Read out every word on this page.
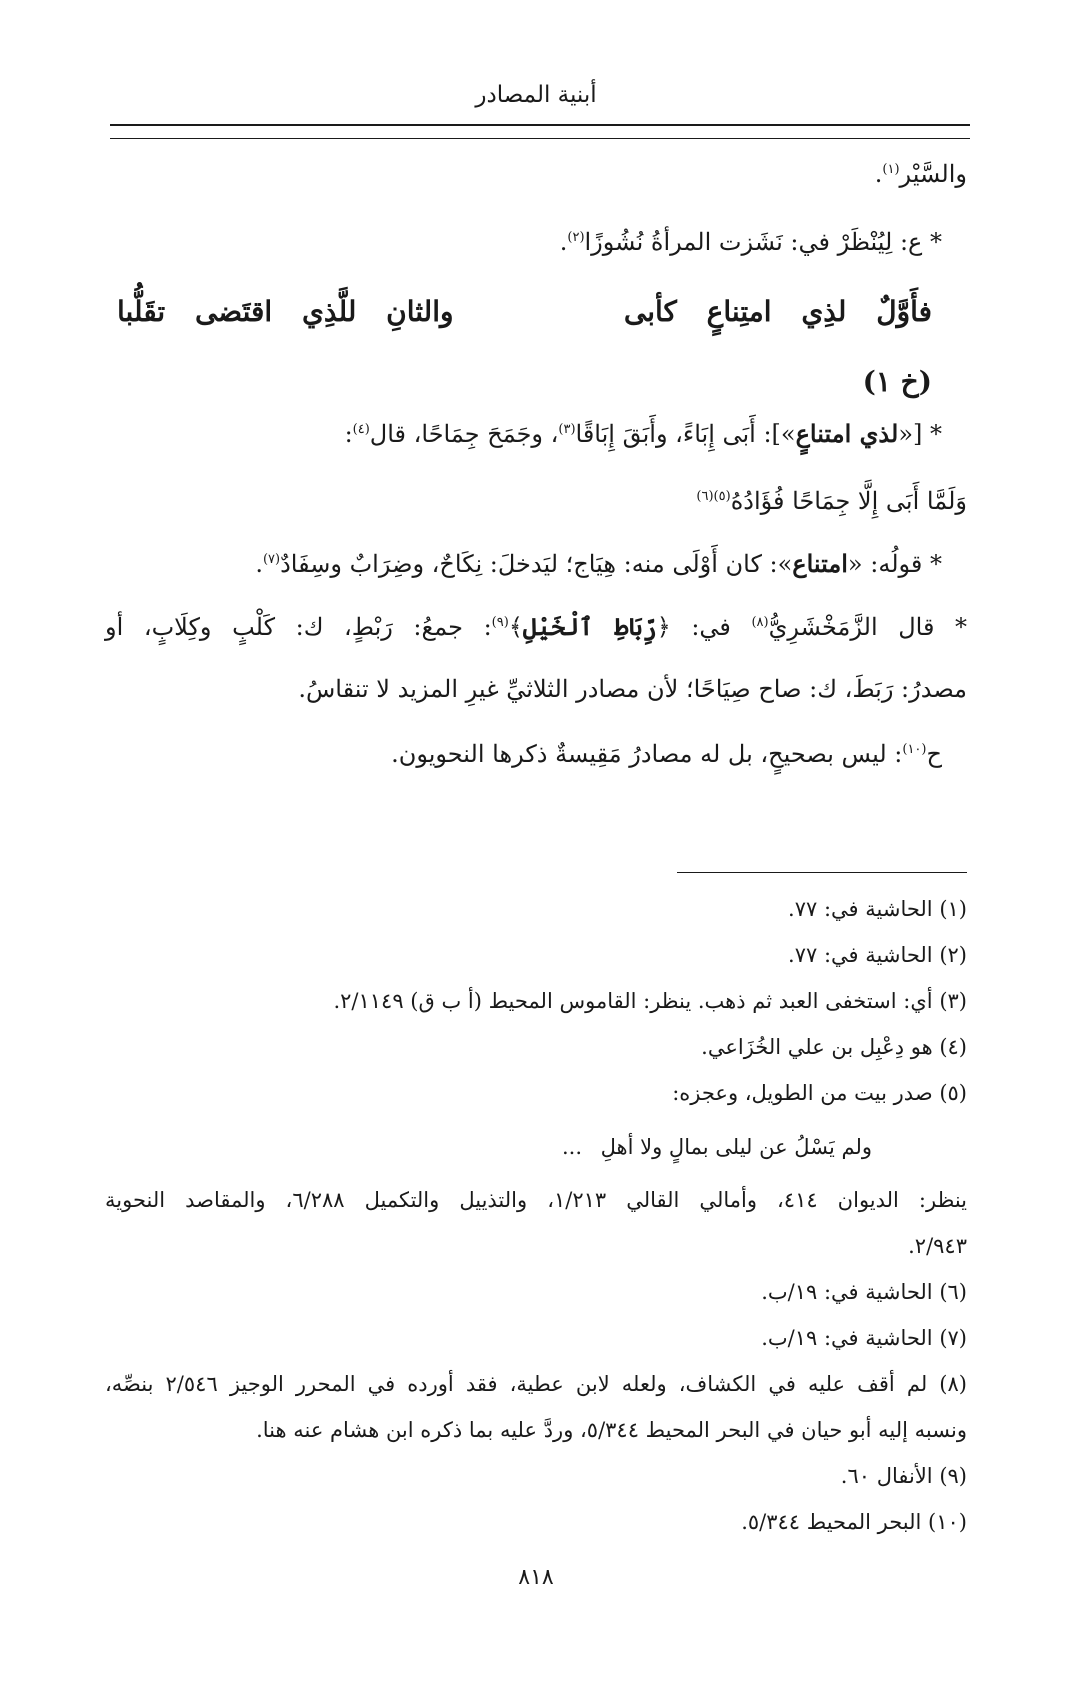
أبنية المصادر
والسَّيْر$^{(١)}$.
* ع: لِيُنْظَرْ في: نَشَزت المرأةُ نُشُوزًا$^{(٢)}$.
فأَوَّلٌ لذِي امتِناعٍ كأبى
والثانِ للَّذِي اقتَضى تقَلُّبا
(خ ١)
* [«لذي امتناعٍ»]: أَبَى إِبَاءً، وأَبَقَ إِبَاقًا$^{(٣)}$، وجَمَحَ جِمَاحًا، قال$^{(٤)}$:
وَلَمَّا أَبَى إِلَّا جِمَاحًا فُؤَادُهُ$^{(٥)(٦)}$
* قولُه: «امتناع»: كان أَوْلَى منه: هِيَاج؛ ليَدخلَ: نِكَاحٌ، وضِرَابٌ وسِفَادٌ$^{(٧)}$.
* قال الزَّمَخْشَرِيُّ$^{(٨)}$ في: ﴿رِّبَاطِ ٱلْخَيْلِ﴾$^{(٩)}$: جمعُ: رَبْطٍ، ك: كَلْبٍ وكِلَابٍ، أو
مصدرُ: رَبَطَ، ك: صاح صِيَاحًا؛ لأن مصادر الثلاثيِّ غيرِ المزيد لا تنقاسُ.
ح$^{(١٠)}$: ليس بصحيحٍ، بل له مصادرُ مَقِيسةٌ ذكرها النحويون.
(١) الحاشية في: ٧٧.
(٢) الحاشية في: ٧٧.
(٣) أي: استخفى العبد ثم ذهب. ينظر: القاموس المحيط (أ ب ق) ٢/١١٤٩.
(٤) هو دِعْبِل بن علي الخُزَاعي.
(٥) صدر بيت من الطويل، وعجزه:
... ولم يَسْلُ عن ليلى بمالٍ ولا أهلِ
ينظر: الديوان ٤١٤، وأمالي القالي ١/٢١٣، والتذييل والتكميل ٦/٢٨٨، والمقاصد النحوية
٢/٩٤٣.
(٦) الحاشية في: ١٩/ب.
(٧) الحاشية في: ١٩/ب.
(٨) لم أقف عليه في الكشاف، ولعله لابن عطية، فقد أورده في المحرر الوجيز ٢/٥٤٦ بنصِّه،
ونسبه إليه أبو حيان في البحر المحيط ٥/٣٤٤، وردَّ عليه بما ذكره ابن هشام عنه هنا.
(٩) الأنفال ٦٠.
(١٠) البحر المحيط ٥/٣٤٤.
٨١٨
